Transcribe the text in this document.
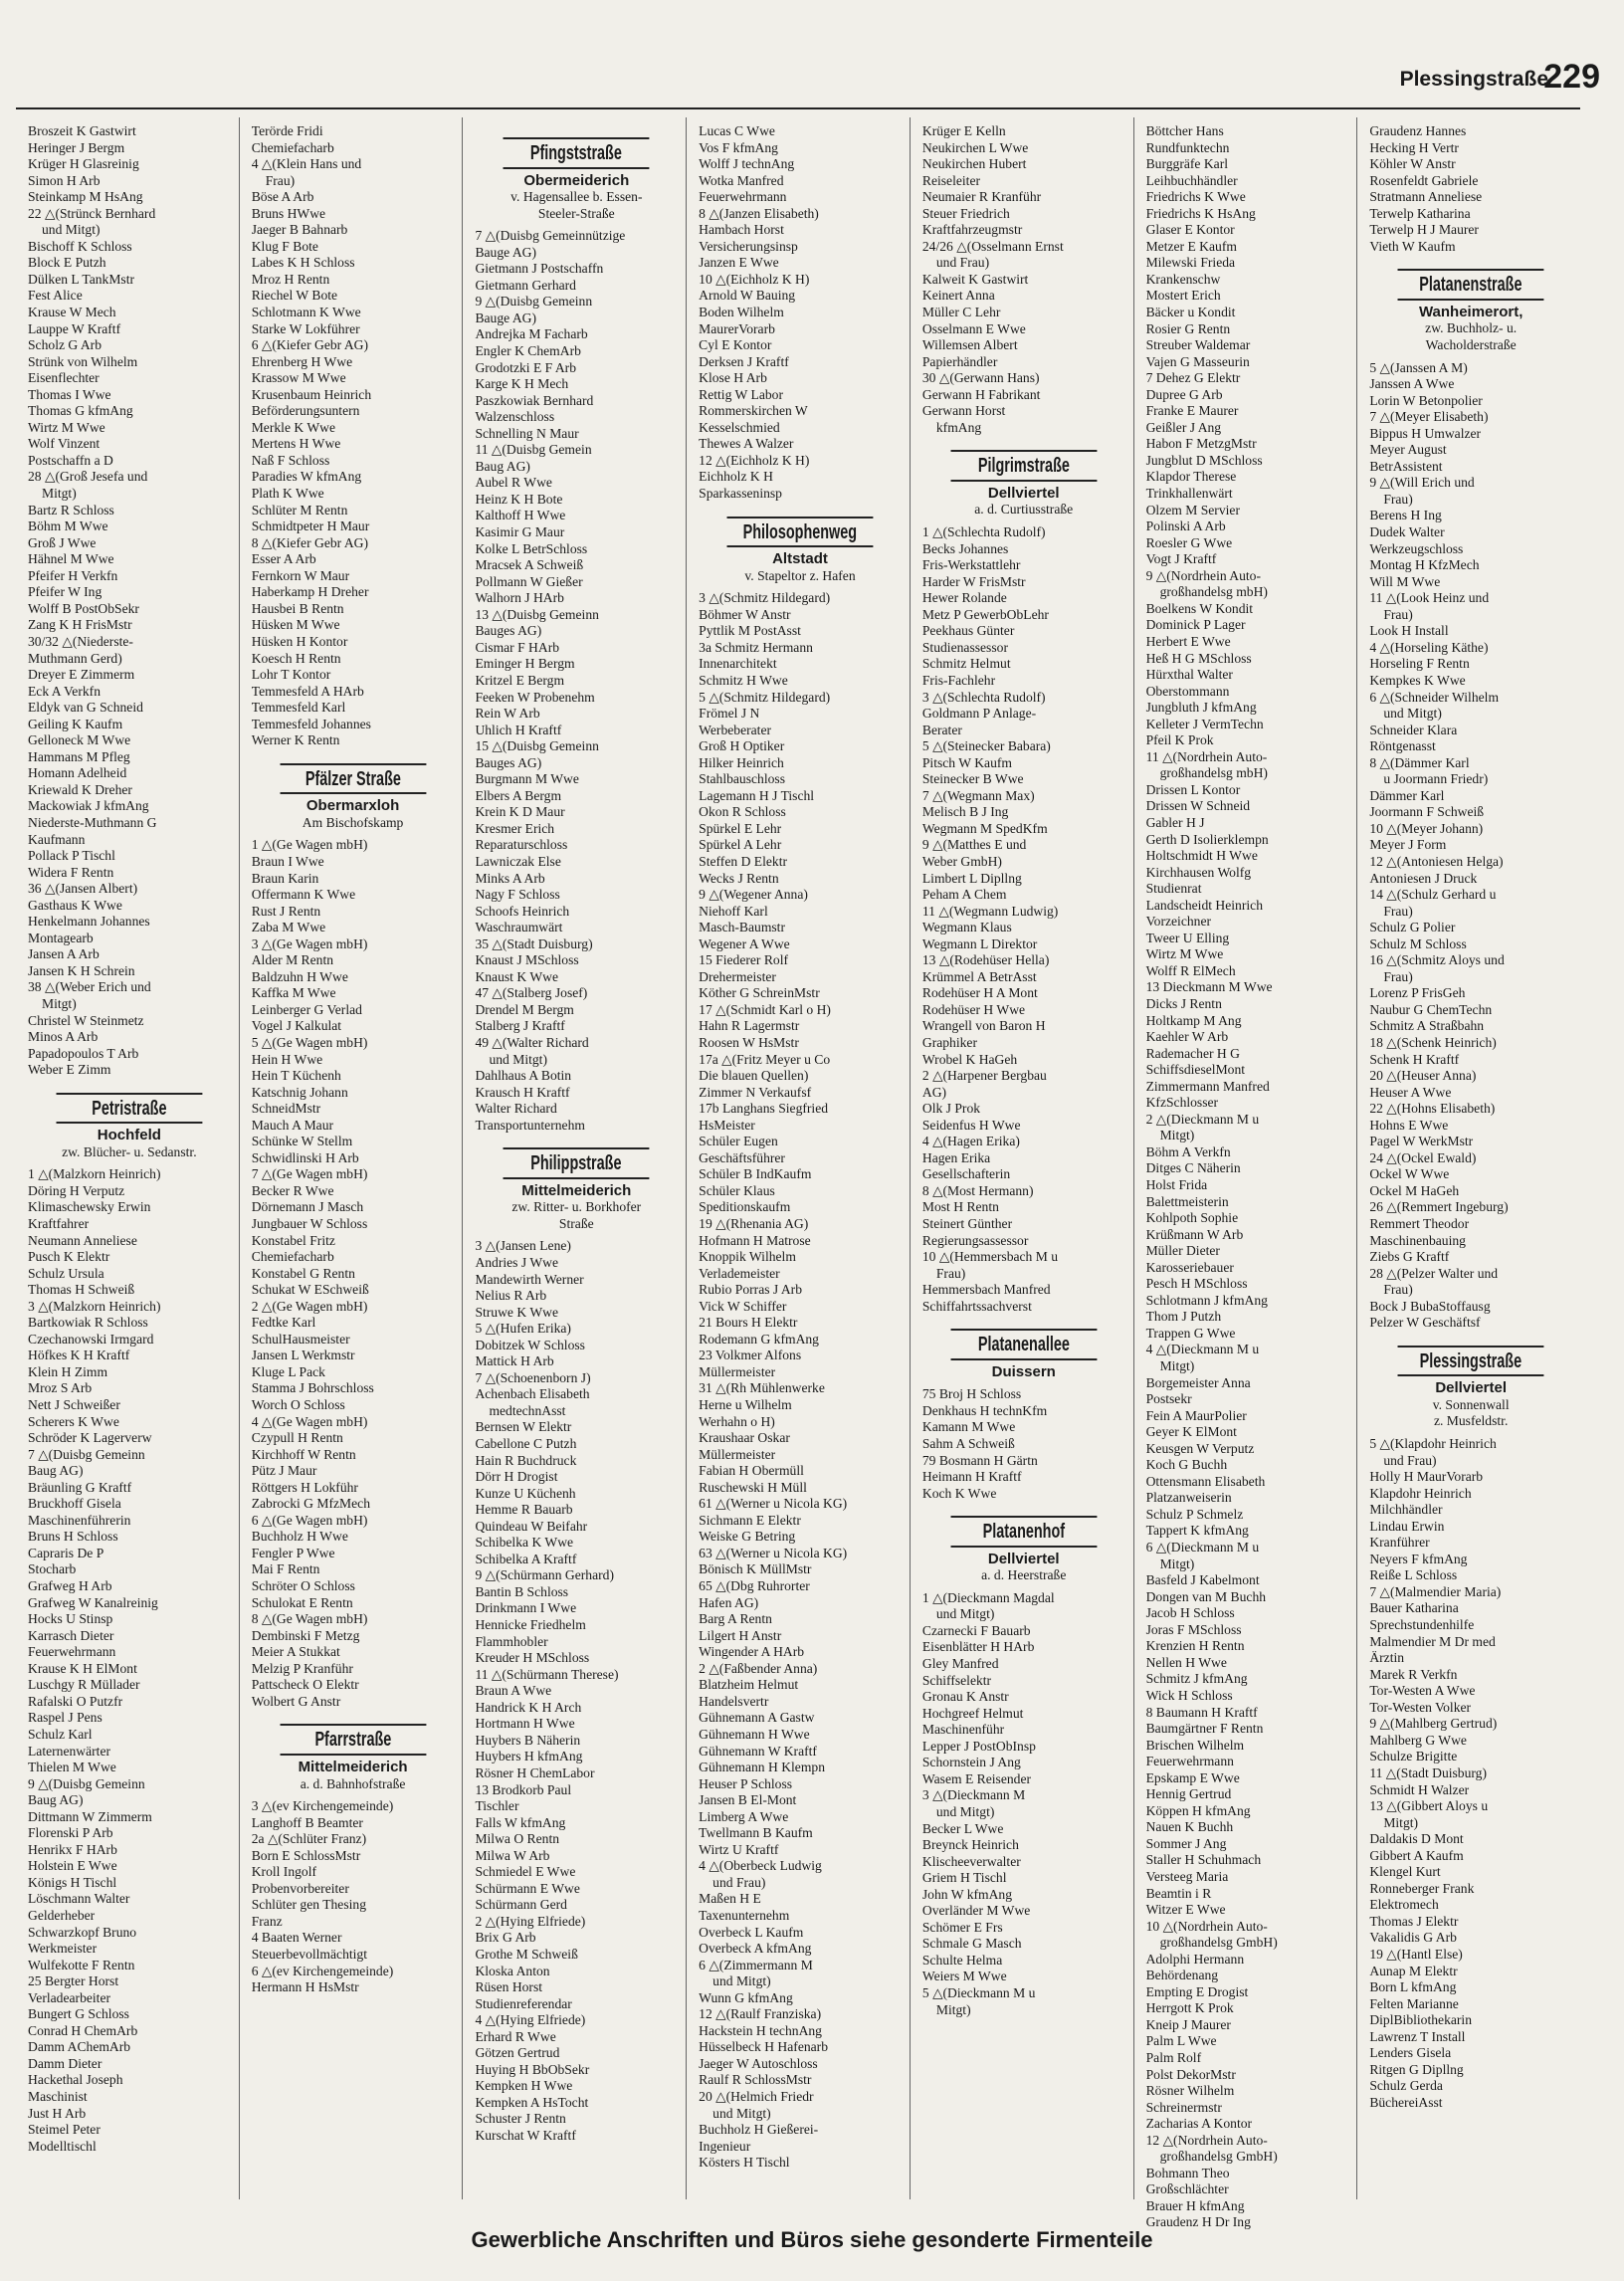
Plessingstraße
229
Broszeit K Gastwirt
Heringer J Bergm
Krüger H Glasreinig
Simon H Arb
Steinkamp M HsAng
22 △(Strünck Bernhard
und Mitgt)
Bischoff K Schloss
Block E Putzh
Dülken L TankMstr
Fest Alice
Krause W Mech
Lauppe W Kraftf
Scholz G Arb
Strünk von Wilhelm
Eisenflechter
Thomas I Wwe
Thomas G kfmAng
Wirtz M Wwe
Wolf Vinzent
Postschaffn a D
28 △(Groß Jesefa und
Mitgt)
Bartz R Schloss
Böhm M Wwe
Groß J Wwe
Hähnel M Wwe
Pfeifer H Verkfn
Pfeifer W Ing
Wolff B PostObSekr
Zang K H FrisMstr
30/32 △(Niederste-
Muthmann Gerd)
Dreyer E Zimmerm
Eck A Verkfn
Eldyk van G Schneid
Geiling K Kaufm
Gelloneck M Wwe
Hammans M Pfleg
Homann Adelheid
Kriewald K Dreher
Mackowiak J kfmAng
Niederste-Muthmann G
Kaufmann
Pollack P Tischl
Widera F Rentn
36 △(Jansen Albert)
Gasthaus K Wwe
Henkelmann Johannes
Montagearb
Jansen A Arb
Jansen K H Schrein
38 △(Weber Erich und
Mitgt)
Christel W Steinmetz
Minos A Arb
Papadopoulos T Arb
Weber E Zimm
Petristraße
Hochfeld
zw. Blücher- u. Sedanstr.
1 △(Malzkorn Heinrich)
Döring H Verputz
Klimaschewsky Erwin
Kraftfahrer
Neumann Anneliese
Pusch K Elektr
Schulz Ursula
Thomas H Schweiß
3 △(Malzkorn Heinrich)
Bartkowiak R Schloss
Czechanowski Irmgard
Höfkes K H Kraftf
Klein H Zimm
Mroz S Arb
Nett J Schweißer
Scherers K Wwe
Schröder K Lagerverw
7 △(Duisbg Gemeinn
Baug AG)
Bräunling G Kraftf
Bruckhoff Gisela
Maschinenführerin
Bruns H Schloss
Capraris De P
Stocharb
Grafweg H Arb
Grafweg W Kanalreinig
Hocks U Stinsp
Karrasch Dieter
Feuerwehrmann
Krause K H ElMont
Luschgy R Müllader
Rafalski O Putzfr
Raspel J Pens
Schulz Karl
Laternenwärter
Thielen M Wwe
9 △(Duisbg Gemeinn
Baug AG)
Dittmann W Zimmerm
Florenski P Arb
Henrikx F HArb
Holstein E Wwe
Königs H Tischl
Löschmann Walter
Gelderheber
Schwarzkopf Bruno
Werkmeister
Wulfekotte F Rentn
25 Bergter Horst
Verladearbeiter
Bungert G Schloss
Conrad H ChemArb
Damm AChemArb
Damm Dieter
Hackethal Joseph
Maschinist
Just H Arb
Steimel Peter
Modelltischl
Terörde Fridi
Chemiefacharb
4 △(Klein Hans und
Frau)
Böse A Arb
Bruns HWwe
Jaeger B Bahnarb
Klug F Bote
Labes K H Schloss
Mroz H Rentn
Riechel W Bote
Schlotmann K Wwe
Starke W Lokführer
6 △(Kiefer Gebr AG)
Ehrenberg H Wwe
Krassow M Wwe
Krusenbaum Heinrich
Beförderungsuntern
Merkle K Wwe
Mertens H Wwe
Naß F Schloss
Paradies W kfmAng
Plath K Wwe
Schlüter M Rentn
Schmidtpeter H Maur
8 △(Kiefer Gebr AG)
Esser A Arb
Fernkorn W Maur
Haberkamp H Dreher
Hausbei B Rentn
Hüsken M Wwe
Hüsken H Kontor
Koesch H Rentn
Lohr T Kontor
Temmesfeld A HArb
Temmesfeld Karl
Temmesfeld Johannes
Werner K Rentn
Pfälzer Straße
Obermarxloh
Am Bischofskamp
1 △(Ge Wagen mbH)
Braun I Wwe
Braun Karin
Offermann K Wwe
Rust J Rentn
Zaba M Wwe
3 △(Ge Wagen mbH)
Alder M Rentn
Baldzuhn H Wwe
Kaffka M Wwe
Leinberger G Verlad
Vogel J Kalkulat
5 △(Ge Wagen mbH)
Hein H Wwe
Hein T Küchenh
Katschnig Johann
SchneidMstr
Mauch A Maur
Schünke W Stellm
Schwidlinski H Arb
7 △(Ge Wagen mbH)
Becker R Wwe
Dörnemann J Masch
Jungbauer W Schloss
Konstabel Fritz
Chemiefacharb
Konstabel G Rentn
Schukat W ESchweiß
2 △(Ge Wagen mbH)
Fedtke Karl
SchulHausmeister
Jansen L Werkmstr
Kluge L Pack
Stamma J Bohrschloss
Worch O Schloss
4 △(Ge Wagen mbH)
Czypull H Rentn
Kirchhoff W Rentn
Pütz J Maur
Röttgers H Lokführ
Zabrocki G MfzMech
6 △(Ge Wagen mbH)
Buchholz H Wwe
Fengler P Wwe
Mai F Rentn
Schröter O Schloss
Schulokat E Rentn
8 △(Ge Wagen mbH)
Dembinski F Metzg
Meier A Stukkat
Melzig P Kranführ
Pattscheck O Elektr
Wolbert G Anstr
Pfarrstraße
Mittelmeiderich
a. d. Bahnhofstraße
3 △(ev Kirchengemeinde)
Langhoff B Beamter
2a △(Schlüter Franz)
Born E SchlossMstr
Kroll Ingolf
Probenvorbereiter
Schlüter gen Thesing
Franz
4 Baaten Werner
Steuerbevollmächtigt
6 △(ev Kirchengemeinde)
Hermann H HsMstr
Pfingststraße
Obermeiderich
v. Hagensallee b. Essen-
Steeler-Straße
7 △(Duisbg Gemeinnützige
Bauge AG)
Gietmann J Postschaffn
Gietmann Gerhard
9 △(Duisbg Gemeinn
Bauge AG)
Andrejka M Facharb
Engler K ChemArb
Grodotzki E F Arb
Karge K H Mech
Paszkowiak Bernhard
Walzenschloss
Schnelling N Maur
11 △(Duisbg Gemein
Baug AG)
Aubel R Wwe
Heinz K H Bote
Kalthoff H Wwe
Kasimir G Maur
Kolke L BetrSchloss
Mracsek A Schweiß
Pollmann W Gießer
Walhorn J HArb
13 △(Duisbg Gemeinn
Bauges AG)
Cismar F HArb
Eminger H Bergm
Kritzel E Bergm
Feeken W Probenehm
Rein W Arb
Uhlich H Kraftf
15 △(Duisbg Gemeinn
Bauges AG)
Burgmann M Wwe
Elbers A Bergm
Krein K D Maur
Kresmer Erich
Reparaturschloss
Lawniczak Else
Minks A Arb
Nagy F Schloss
Schoofs Heinrich
Waschraumwärt
35 △(Stadt Duisburg)
Knaust J MSchloss
Knaust K Wwe
47 △(Stalberg Josef)
Drendel M Bergm
Stalberg J Kraftf
49 △(Walter Richard
und Mitgt)
Dahlhaus A Botin
Krausch H Kraftf
Walter Richard
Transportunternehm
Philippstraße
Mittelmeiderich
zw. Ritter- u. Borkhofer
Straße
3 △(Jansen Lene)
Andries J Wwe
Mandewirth Werner
Nelius R Arb
Struwe K Wwe
5 △(Hufen Erika)
Dobitzek W Schloss
Mattick H Arb
7 △(Schoenenborn J)
Achenbach Elisabeth
medtechnAsst
Bernsen W Elektr
Cabellone C Putzh
Hain R Buchdruck
Dörr H Drogist
Kunze U Küchenh
Hemme R Bauarb
Quindeau W Beifahr
Schibelka K Wwe
Schibelka A Kraftf
9 △(Schürmann Gerhard)
Bantin B Schloss
Drinkmann I Wwe
Hennicke Friedhelm
Flammhobler
Kreuder H MSchloss
11 △(Schürmann Therese)
Braun A Wwe
Handrick K H Arch
Hortmann H Wwe
Huybers B Näherin
Huybers H kfmAng
Rösner H ChemLabor
13 Brodkorb Paul
Tischler
Falls W kfmAng
Milwa O Rentn
Milwa W Arb
Schmiedel E Wwe
Schürmann E Wwe
Schürmann Gerd
2 △(Hying Elfriede)
Brix G Arb
Grothe M Schweiß
Kloska Anton
Rüsen Horst
Studienreferendar
4 △(Hying Elfriede)
Erhard R Wwe
Götzen Gertrud
Huying H BbObSekr
Kempken H Wwe
Kempken A HsTocht
Schuster J Rentn
Kurschat W Kraftf
Lucas C Wwe
Vos F kfmAng
Wolff J technAng
Wotka Manfred
Feuerwehrmann
8 △(Janzen Elisabeth)
Hambach Horst
Versicherungsinsp
Janzen E Wwe
10 △(Eichholz K H)
Arnold W Bauing
Boden Wilhelm
MaurerVorarb
Cyl E Kontor
Derksen J Kraftf
Klose H Arb
Rettig W Labor
Rommerskirchen W
Kesselschmied
Thewes A Walzer
12 △(Eichholz K H)
Eichholz K H
Sparkasseninsp
Philosophenweg
Altstadt
v. Stapeltor z. Hafen
3 △(Schmitz Hildegard)
Böhmer W Anstr
Pyttlik M PostAsst
3a Schmitz Hermann
Innenarchitekt
Schmitz H Wwe
5 △(Schmitz Hildegard)
Frömel J N
Werbeberater
Groß H Optiker
Hilker Heinrich
Stahlbauschloss
Lagemann H J Tischl
Okon R Schloss
Spürkel E Lehr
Spürkel A Lehr
Steffen D Elektr
Wecks J Rentn
9 △(Wegener Anna)
Niehoff Karl
Masch-Baumstr
Wegener A Wwe
15 Fiederer Rolf
Drehermeister
Köther G SchreinMstr
17 △(Schmidt Karl o H)
Hahn R Lagermstr
Roosen W HsMstr
17a △(Fritz Meyer u Co
Die blauen Quellen)
Zimmer N Verkaufsf
17b Langhans Siegfried
HsMeister
Schüler Eugen
Geschäftsführer
Schüler B IndKaufm
Schüler Klaus
Speditionskaufm
19 △(Rhenania AG)
Hofmann H Matrose
Knoppik Wilhelm
Verlademeister
Rubio Porras J Arb
Vick W Schiffer
21 Bours H Elektr
Rodemann G kfmAng
23 Volkmer Alfons
Müllermeister
31 △(Rh Mühlenwerke
Herne u Wilhelm
Werhahn o H)
Kraushaar Oskar
Müllermeister
Fabian H Obermüll
Ruschewski H Müll
61 △(Werner u Nicola KG)
Sichmann E Elektr
Weiske G Betring
63 △(Werner u Nicola KG)
Bönisch K MüllMstr
65 △(Dbg Ruhrorter
Hafen AG)
Barg A Rentn
Lilgert H Anstr
Wingender A HArb
2 △(Faßbender Anna)
Blatzheim Helmut
Handelsvertr
Gühnemann A Gastw
Gühnemann H Wwe
Gühnemann W Kraftf
Gühnemann H Klempn
Heuser P Schloss
Jansen B El-Mont
Limberg A Wwe
Twellmann B Kaufm
Wirtz U Kraftf
4 △(Oberbeck Ludwig
und Frau)
Maßen H E
Taxenunternehm
Overbeck L Kaufm
Overbeck A kfmAng
6 △(Zimmermann M
und Mitgt)
Wunn G kfmAng
12 △(Raulf Franziska)
Hackstein H technAng
Hüsselbeck H Hafenarb
Jaeger W Autoschloss
Raulf R SchlossMstr
20 △(Helmich Friedr
und Mitgt)
Buchholz H Gießerei-
Ingenieur
Kösters H Tischl
Krüger E Kelln
Neukirchen L Wwe
Neukirchen Hubert
Reiseleiter
Neumaier R Kranführ
Steuer Friedrich
Kraftfahrzeugmstr
24/26 △(Osselmann Ernst
und Frau)
Kalweit K Gastwirt
Keinert Anna
Müller C Lehr
Osselmann E Wwe
Willemsen Albert
Papierhändler
30 △(Gerwann Hans)
Gerwann H Fabrikant
Gerwann Horst
kfmAng
Pilgrimstraße
Dellviertel
a. d. Curtiusstraße
1 △(Schlechta Rudolf)
Becks Johannes
Fris-Werkstattlehr
Harder W FrisMstr
Hewer Rolande
Metz P GewerbObLehr
Peekhaus Günter
Studienassessor
Schmitz Helmut
Fris-Fachlehr
3 △(Schlechta Rudolf)
Goldmann P Anlage-
Berater
5 △(Steinecker Babara)
Pitsch W Kaufm
Steinecker B Wwe
7 △(Wegmann Max)
Melisch B J Ing
Wegmann M SpedKfm
9 △(Matthes E und
Weber GmbH)
Limbert L Dipllng
Peham A Chem
11 △(Wegmann Ludwig)
Wegmann Klaus
Wegmann L Direktor
13 △(Rodehüser Hella)
Krümmel A BetrAsst
Rodehüser H A Mont
Rodehüser H Wwe
Wrangell von Baron H
Graphiker
Wrobel K HaGeh
2 △(Harpener Bergbau
AG)
Olk J Prok
Seidenfus H Wwe
4 △(Hagen Erika)
Hagen Erika
Gesellschafterin
8 △(Most Hermann)
Most H Rentn
Steinert Günther
Regierungsassessor
10 △(Hemmersbach M u
Frau)
Hemmersbach Manfred
Schiffahrtssachverst
Platanenallee
Duissern
75 Broj H Schloss
Denkhaus H technKfm
Kamann M Wwe
Sahm A Schweiß
79 Bosmann H Gärtn
Heimann H Kraftf
Koch K Wwe
Platanenhof
Dellviertel
a. d. Heerstraße
1 △(Dieckmann Magdal
und Mitgt)
Czarnecki F Bauarb
Eisenblätter H HArb
Gley Manfred
Schiffselektr
Gronau K Anstr
Hochgreef Helmut
Maschinenführ
Lepper J PostObInsp
Schornstein J Ang
Wasem E Reisender
3 △(Dieckmann M
und Mitgt)
Becker L Wwe
Breynck Heinrich
Klischeeverwalter
Griem H Tischl
John W kfmAng
Overländer M Wwe
Schömer E Frs
Schmale G Masch
Schulte Helma
Weiers M Wwe
5 △(Dieckmann M u
Mitgt)
Böttcher Hans
Rundfunktechn
Burggräfe Karl
Leihbuchhändler
Friedrichs K Wwe
Friedrichs K HsAng
Glaser E Kontor
Metzer E Kaufm
Milewski Frieda
Krankenschw
Mostert Erich
Bäcker u Kondit
Rosier G Rentn
Streuber Waldemar
Vajen G Masseurin
7 Dehez G Elektr
Dupree G Arb
Franke E Maurer
Geißler J Ang
Habon F MetzgMstr
Jungblut D MSchloss
Klapdor Therese
Trinkhallenwärt
Olzem M Servier
Polinski A Arb
Roesler G Wwe
Vogt J Kraftf
9 △(Nordrhein Auto-
großhandelsg mbH)
Boelkens W Kondit
Dominick P Lager
Herbert E Wwe
Heß H G MSchloss
Hürxthal Walter
Oberstommann
Jungbluth J kfmAng
Kelleter J VermTechn
Pfeil K Prok
11 △(Nordrhein Auto-
großhandelsg mbH)
Drissen L Kontor
Drissen W Schneid
Gabler H J
Gerth D Isolierklempn
Holtschmidt H Wwe
Kirchhausen Wolfg
Studienrat
Landscheidt Heinrich
Vorzeichner
Tweer U Elling
Wirtz M Wwe
Wolff R ElMech
13 Dieckmann M Wwe
Dicks J Rentn
Holtkamp M Ang
Kaehler W Arb
Rademacher H G
SchiffsdieselMont
Zimmermann Manfred
KfzSchlosser
2 △(Dieckmann M u
Mitgt)
Böhm A Verkfn
Ditges C Näherin
Holst Frida
Balettmeisterin
Kohlpoth Sophie
Krüßmann W Arb
Müller Dieter
Karosseriebauer
Pesch H MSchloss
Schlotmann J kfmAng
Thom J Putzh
Trappen G Wwe
4 △(Dieckmann M u
Mitgt)
Borgemeister Anna
Postsekr
Fein A MaurPolier
Geyer K ElMont
Keusgen W Verputz
Koch G Buchh
Ottensmann Elisabeth
Platzanweiserin
Schulz P Schmelz
Tappert K kfmAng
6 △(Dieckmann M u
Mitgt)
Basfeld J Kabelmont
Dongen van M Buchh
Jacob H Schloss
Joras F MSchloss
Krenzien H Rentn
Nellen H Wwe
Schmitz J kfmAng
Wick H Schloss
8 Baumann H Kraftf
Baumgärtner F Rentn
Brischen Wilhelm
Feuerwehrmann
Epskamp E Wwe
Hennig Gertrud
Köppen H kfmAng
Nauen K Buchh
Sommer J Ang
Staller H Schuhmach
Versteeg Maria
Beamtin i R
Witzer E Wwe
10 △(Nordrhein Auto-
großhandelsg GmbH)
Adolphi Hermann
Behördenang
Empting E Drogist
Herrgott K Prok
Kneip J Maurer
Palm L Wwe
Palm Rolf
Polst DekorMstr
Rösner Wilhelm
Schreinermstr
Zacharias A Kontor
12 △(Nordrhein Auto-
großhandelsg GmbH)
Bohmann Theo
Großschlächter
Brauer H kfmAng
Graudenz H Dr Ing
Graudenz Hannes
Hecking H Vertr
Köhler W Anstr
Rosenfeldt Gabriele
Stratmann Anneliese
Terwelp Katharina
Terwelp H J Maurer
Vieth W Kaufm
Platanenstraße
Wanheimerort,
zw. Buchholz- u.
Wacholderstraße
5 △(Janssen A M)
Janssen A Wwe
Lorin W Betonpolier
7 △(Meyer Elisabeth)
Bippus H Umwalzer
Meyer August
BetrAssistent
9 △(Will Erich und
Frau)
Berens H Ing
Dudek Walter
Werkzeugschloss
Montag H KfzMech
Will M Wwe
11 △(Look Heinz und
Frau)
Look H Install
4 △(Horseling Käthe)
Horseling F Rentn
Kempkes K Wwe
6 △(Schneider Wilhelm
und Mitgt)
Schneider Klara
Röntgenasst
8 △(Dämmer Karl
u Joormann Friedr)
Dämmer Karl
Joormann F Schweiß
10 △(Meyer Johann)
Meyer J Form
12 △(Antoniesen Helga)
Antoniesen J Druck
14 △(Schulz Gerhard u
Frau)
Schulz G Polier
Schulz M Schloss
16 △(Schmitz Aloys und
Frau)
Lorenz P FrisGeh
Naubur G ChemTechn
Schmitz A Straßbahn
18 △(Schenk Heinrich)
Schenk H Kraftf
20 △(Heuser Anna)
Heuser A Wwe
22 △(Hohns Elisabeth)
Hohns E Wwe
Pagel W WerkMstr
24 △(Ockel Ewald)
Ockel W Wwe
Ockel M HaGeh
26 △(Remmert Ingeburg)
Remmert Theodor
Maschinenbauing
Ziebs G Kraftf
28 △(Pelzer Walter und
Frau)
Bock J BubaStoffausg
Pelzer W Geschäftsf
Plessingstraße
Dellviertel
v. Sonnenwall
z. Musfeldstr.
5 △(Klapdohr Heinrich
und Frau)
Holly H MaurVorarb
Klapdohr Heinrich
Milchhändler
Lindau Erwin
Kranführer
Neyers F kfmAng
Reiße L Schloss
7 △(Malmendier Maria)
Bauer Katharina
Sprechstundenhilfe
Malmendier M Dr med
Ärztin
Marek R Verkfn
Tor-Westen A Wwe
Tor-Westen Volker
9 △(Mahlberg Gertrud)
Mahlberg G Wwe
Schulze Brigitte
11 △(Stadt Duisburg)
Schmidt H Walzer
13 △(Gibbert Aloys u
Mitgt)
Daldakis D Mont
Gibbert A Kaufm
Klengel Kurt
Ronneberger Frank
Elektromech
Thomas J Elektr
Vakalidis G Arb
19 △(Hantl Else)
Aunap M Elektr
Born L kfmAng
Felten Marianne
DiplBibliothekarin
Lawrenz T Install
Lenders Gisela
Ritgen G Dipllng
Schulz Gerda
BüchereiAsst
Gewerbliche Anschriften und Büros siehe gesonderte Firmenteile
